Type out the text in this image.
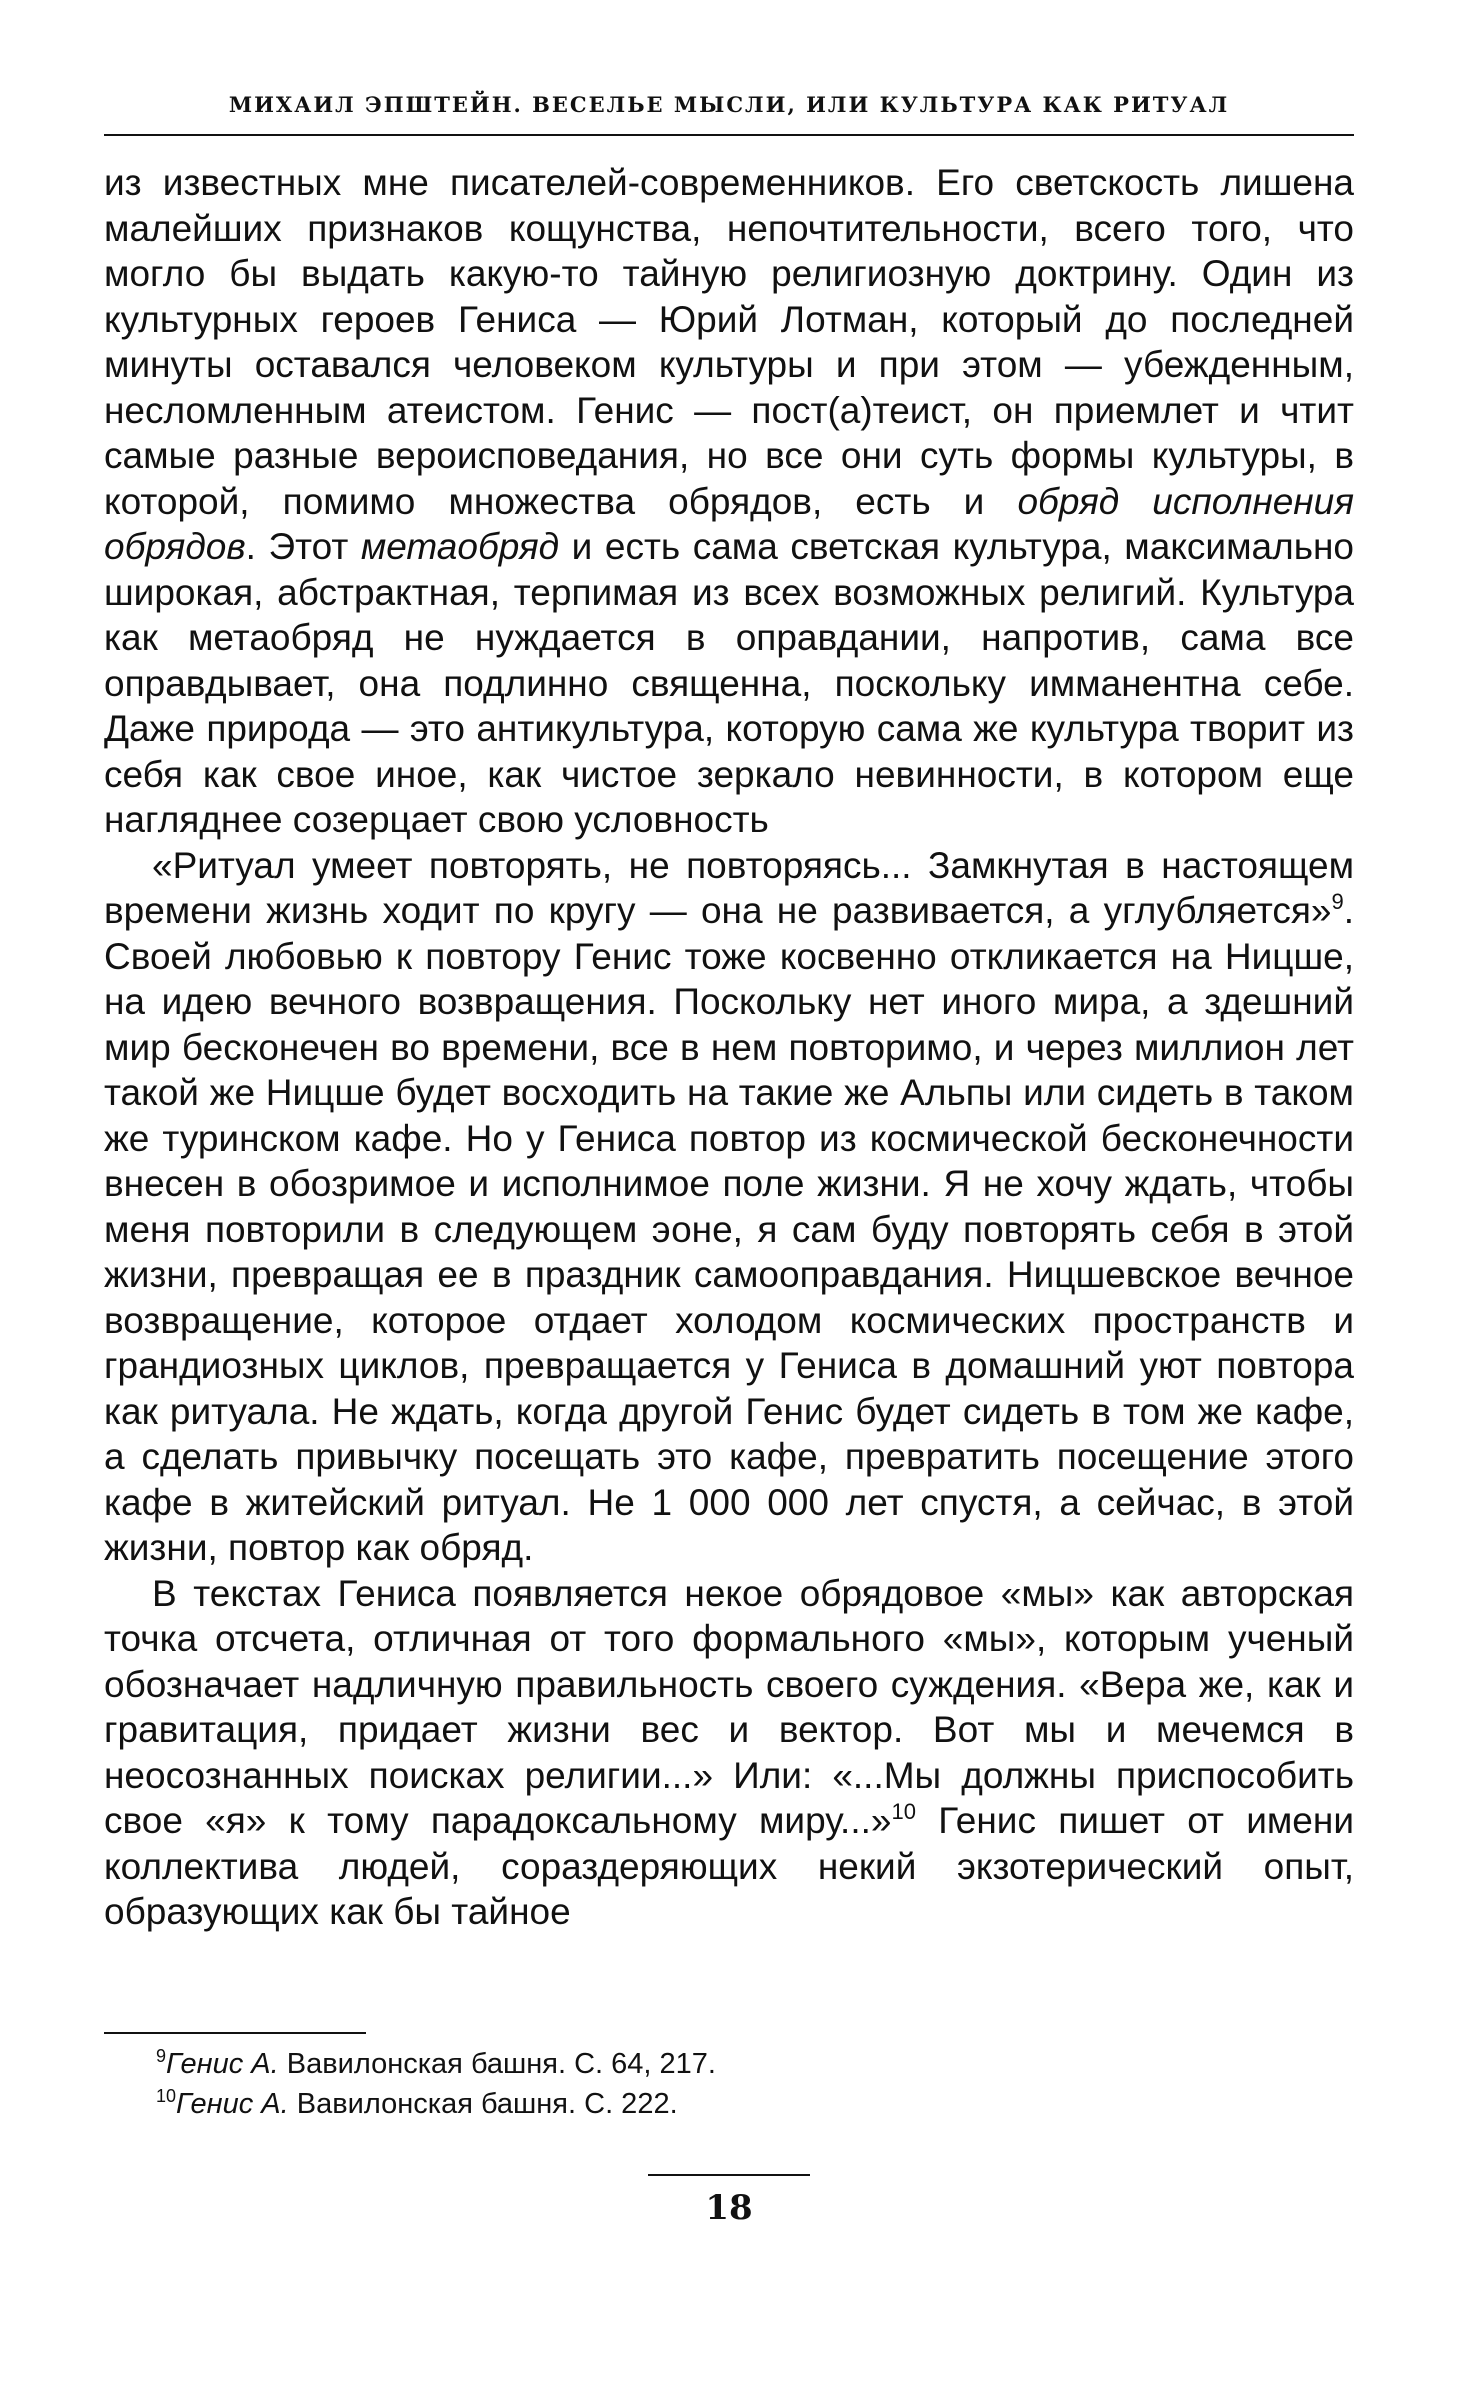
МИХАИЛ ЭПШТЕЙН. ВЕСЕЛЬЕ МЫСЛИ, ИЛИ КУЛЬТУРА КАК РИТУАЛ

из известных мне писателей-современников. Его светскость лишена малейших признаков кощунства, непочтительности, всего того, что могло бы выдать какую-то тайную религиозную доктрину. Один из культурных героев Гениса — Юрий Лотман, который до последней минуты оставался человеком культуры и при этом — убежденным, несломленным атеистом. Генис — пост(а)теист, он приемлет и чтит самые разные вероисповедания, но все они суть формы культуры, в которой, помимо множества обрядов, есть и обряд исполнения обрядов. Этот метаобряд и есть сама светская культура, максимально широкая, абстрактная, терпимая из всех возможных религий. Культура как метаобряд не нуждается в оправдании, напротив, сама все оправдывает, она подлинно священна, поскольку имманентна себе. Даже природа — это антикультура, которую сама же культура творит из себя как свое иное, как чистое зеркало невинности, в котором еще нагляднее созерцает свою условность

«Ритуал умеет повторять, не повторяясь... Замкнутая в настоящем времени жизнь ходит по кругу — она не развивается, а углубляется»$^9$. Своей любовью к повтору Генис тоже косвенно откликается на Ницше, на идею вечного возвращения. Поскольку нет иного мира, а здешний мир бесконечен во времени, все в нем повторимо, и через миллион лет такой же Ницше будет восходить на такие же Альпы или сидеть в таком же туринском кафе. Но у Гениса повтор из космической бесконечности внесен в обозримое и исполнимое поле жизни. Я не хочу ждать, чтобы меня повторили в следующем эоне, я сам буду повторять себя в этой жизни, превращая ее в праздник самооправдания. Ницшевское вечное возвращение, которое отдает холодом космических пространств и грандиозных циклов, превращается у Гениса в домашний уют повтора как ритуала. Не ждать, когда другой Генис будет сидеть в том же кафе, а сделать привычку посещать это кафе, превратить посещение этого кафе в житейский ритуал. Не 1 000 000 лет спустя, а сейчас, в этой жизни, повтор как обряд.

В текстах Гениса появляется некое обрядовое «мы» как авторская точка отсчета, отличная от того формального «мы», которым ученый обозначает надличную правильность своего суждения. «Вера же, как и гравитация, придает жизни вес и вектор. Вот мы и мечемся в неосознанных поисках религии...» Или: «...Мы должны приспособить свое «я» к тому парадоксальному миру...»$^{10}$ Генис пишет от имени коллектива людей, сораздеряющих некий экзотерический опыт, образующих как бы тайное

$^9$Генис А. Вавилонская башня. С. 64, 217.

$^{10}$Генис А. Вавилонская башня. С. 222.

18
